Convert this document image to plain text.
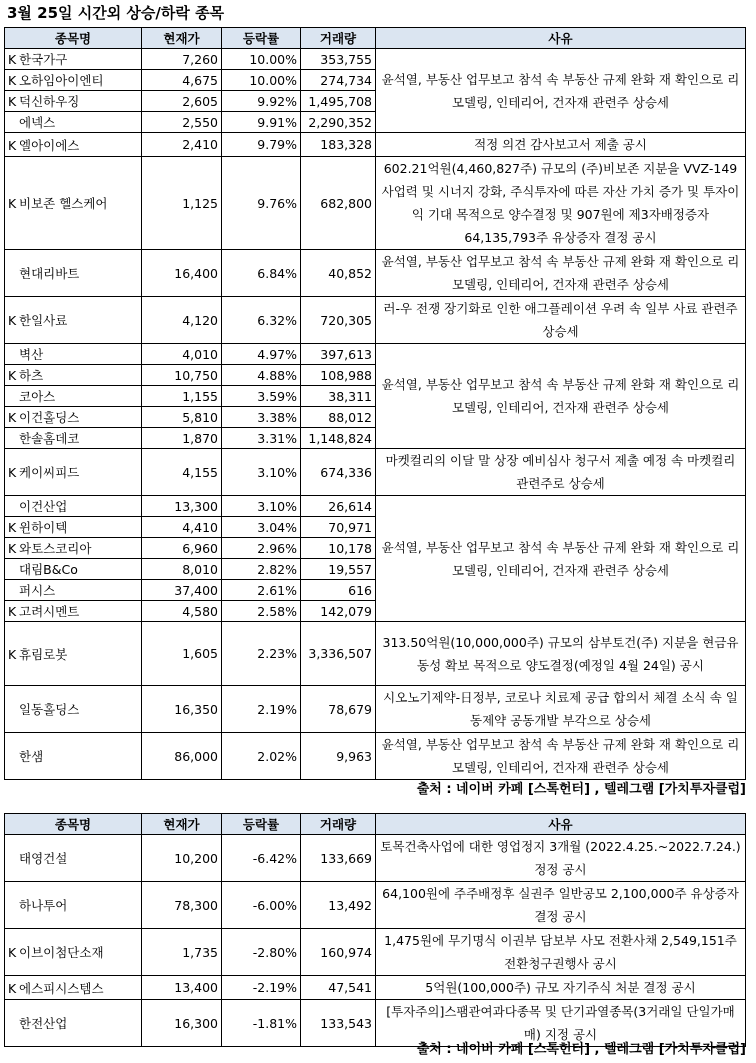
3월 25일 시간외 상승/하락 종목
종목명	현재가	등락률	거래량	사유
K 한국가구	7,260	10.00%	353,755	윤석열, 부동산 업무보고 참석 속 부동산 규제 완화 재 확인으로 리모델링, 인테리어, 건자재 관련주 상승세
K 오하임아이엔티	4,675	10.00%	274,734	
K 덕신하우징	2,605	9.92%	1,495,708	
에넥스	2,550	9.91%	2,290,352	
K 엘아이에스	2,410	9.79%	183,328	적정 의견 감사보고서 제출 공시
K 비보존 헬스케어	1,125	9.76%	682,800	602.21억원(4,460,827주) 규모의 (주)비보존 지분을 VVZ-149 사업력 및 시너지 강화, 주식투자에 따른 자산 가치 증가 및 투자이익 기대 목적으로 양수결정 및 907원에 제3자배정증자 64,135,793주 유상증자 결정 공시
현대리바트	16,400	6.84%	40,852	윤석열, 부동산 업무보고 참석 속 부동산 규제 완화 재 확인으로 리모델링, 인테리어, 건자재 관련주 상승세
K 한일사료	4,120	6.32%	720,305	러-우 전쟁 장기화로 인한 애그플레이션 우려 속 일부 사료 관련주 상승세
벽산	4,010	4.97%	397,613	윤석열, 부동산 업무보고 참석 속 부동산 규제 완화 재 확인으로 리모델링, 인테리어, 건자재 관련주 상승세
K 하츠	10,750	4.88%	108,988	
코아스	1,155	3.59%	38,311	
K 이건홀딩스	5,810	3.38%	88,012	
한솔홈데코	1,870	3.31%	1,148,824	
K 케이씨피드	4,155	3.10%	674,336	마켓컬리의 이달 말 상장 예비심사 청구서 제출 예정 속 마켓컬리 관련주로 상승세
이건산업	13,300	3.10%	26,614	윤석열, 부동산 업무보고 참석 속 부동산 규제 완화 재 확인으로 리모델링, 인테리어, 건자재 관련주 상승세
K 윈하이텍	4,410	3.04%	70,971	
K 와토스코리아	6,960	2.96%	10,178	
대림B&Co	8,010	2.82%	19,557	
퍼시스	37,400	2.61%	616	
K 고려시멘트	4,580	2.58%	142,079	
K 휴림로봇	1,605	2.23%	3,336,507	313.50억원(10,000,000주) 규모의 삼부토건(주) 지분을 현금유동성 확보 목적으로 양도결정(예정일 4월 24일) 공시
일동홀딩스	16,350	2.19%	78,679	시오노기제약-日정부, 코로나 치료제 공급 합의서 체결 소식 속 일동제약 공동개발 부각으로 상승세
한샘	86,000	2.02%	9,963	윤석열, 부동산 업무보고 참석 속 부동산 규제 완화 재 확인으로 리모델링, 인테리어, 건자재 관련주 상승세
출처 : 네이버 카페 [스톡헌터] , 텔레그램 [가치투자클럽]
종목명	현재가	등락률	거래량	사유
태영건설	10,200	-6.42%	133,669	토목건축사업에 대한 영업정지 3개월 (2022.4.25.~2022.7.24.) 정정 공시
하나투어	78,300	-6.00%	13,492	64,100원에 주주배정후 실권주 일반공모 2,100,000주 유상증자결정 공시
K 이브이첨단소재	1,735	-2.80%	160,974	1,475원에 무기명식 이권부 담보부 사모 전환사채 2,549,151주 전환청구권행사 공시
K 에스피시스템스	13,400	-2.19%	47,541	5억원(100,000주) 규모 자기주식 처분 결정 공시
한전산업	16,300	-1.81%	133,543	[투자주의]스팸관여과다종목 및 단기과열종목(3거래일 단일가매매) 지정 공시
출처 : 네이버 카페 [스톡헌터] , 텔레그램 [가치투자클럽]
